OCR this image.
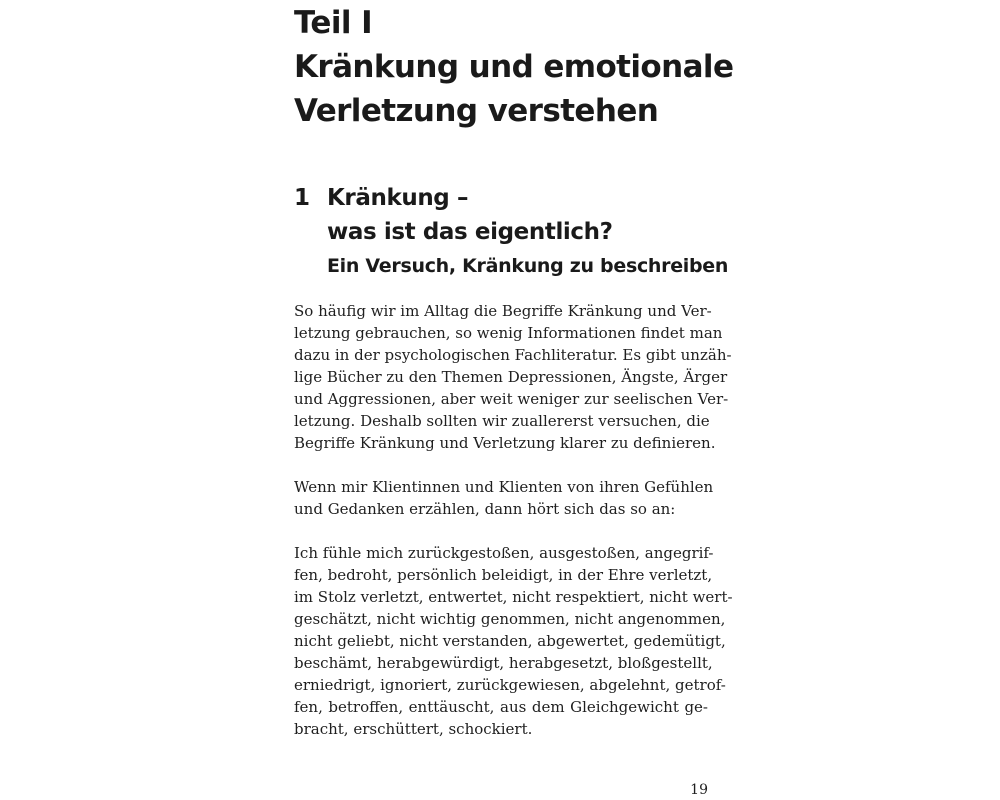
Teil I
Kränkung und emotionale
Verletzung verstehen
1 Kränkung –
was ist das eigentlich?
Ein Versuch, Kränkung zu beschreiben

So häufig wir im Alltag die Begriffe Kränkung und Ver-
letzung gebrauchen, so wenig Informationen findet man
dazu in der psychologischen Fachliteratur. Es gibt unzäh-
lige Bücher zu den Themen Depressionen, Ängste, Ärger
und Aggressionen, aber weit weniger zur seelischen Ver-
letzung. Deshalb sollten wir zuallererst versuchen, die
Begriffe Kränkung und Verletzung klarer zu definieren.

Wenn mir Klientinnen und Klienten von ihren Gefühlen
und Gedanken erzählen, dann hört sich das so an:

Ich fühle mich zurückgestoßen, ausgestoßen, angegrif-
fen, bedroht, persönlich beleidigt, in der Ehre verletzt,
im Stolz verletzt, entwertet, nicht respektiert, nicht wert-
geschätzt, nicht wichtig genommen, nicht angenommen,
nicht geliebt, nicht verstanden, abgewertet, gedemütigt,
beschämt, herabgewürdigt, herabgesetzt, bloßgestellt,
erniedrigt, ignoriert, zurückgewiesen, abgelehnt, getrof-
fen, betroffen, enttäuscht, aus dem Gleichgewicht ge-
bracht, erschüttert, schockiert.

19
